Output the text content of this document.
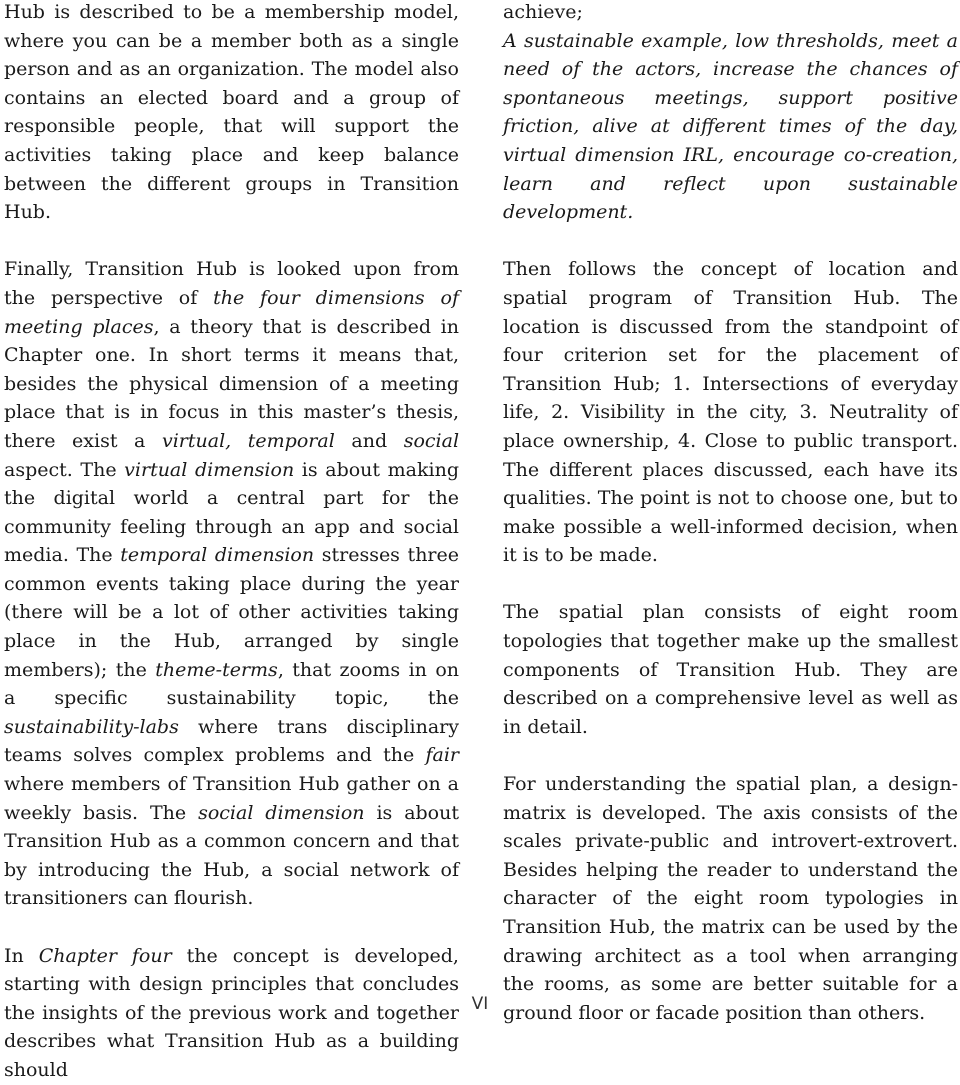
Hub is described to be a membership model, where you can be a member both as a single person and as an organization. The model also contains an elected board and a group of responsible people, that will support the activities taking place and keep balance between the different groups in Transition Hub.

Finally, Transition Hub is looked upon from the perspective of the four dimensions of meeting places, a theory that is described in Chapter one. In short terms it means that, besides the physical dimension of a meeting place that is in focus in this master’s thesis, there exist a virtual, temporal and social aspect. The virtual dimension is about making the digital world a central part for the community feeling through an app and social media. The temporal dimension stresses three common events taking place during the year (there will be a lot of other activities taking place in the Hub, arranged by single members); the theme-terms, that zooms in on a specific sustainability topic, the sustainability-labs where trans disciplinary teams solves complex problems and the fair where members of Transition Hub gather on a weekly basis. The social dimension is about Transition Hub as a common concern and that by introducing the Hub, a social network of transitioners can flourish.

In Chapter four the concept is developed, starting with design principles that concludes the insights of the previous work and together describes what Transition Hub as a building should

achieve;
A sustainable example, low thresholds, meet a need of the actors, increase the chances of spontaneous meetings, support positive friction, alive at different times of the day, virtual dimension IRL, encourage co-creation, learn and reflect upon sustainable development.

Then follows the concept of location and spatial program of Transition Hub. The location is discussed from the standpoint of four criterion set for the placement of Transition Hub; 1. Intersections of everyday life, 2. Visibility in the city, 3. Neutrality of place ownership, 4. Close to public transport. The different places discussed, each have its qualities. The point is not to choose one, but to make possible a well-informed decision, when it is to be made.

The spatial plan consists of eight room topologies that together make up the smallest components of Transition Hub. They are described on a comprehensive level as well as in detail.

For understanding the spatial plan, a design-matrix is developed. The axis consists of the scales private-public and introvert-extrovert. Besides helping the reader to understand the character of the eight room typologies in Transition Hub, the matrix can be used by the drawing architect as a tool when arranging the rooms, as some are better suitable for a ground floor or facade position than others.

VI
